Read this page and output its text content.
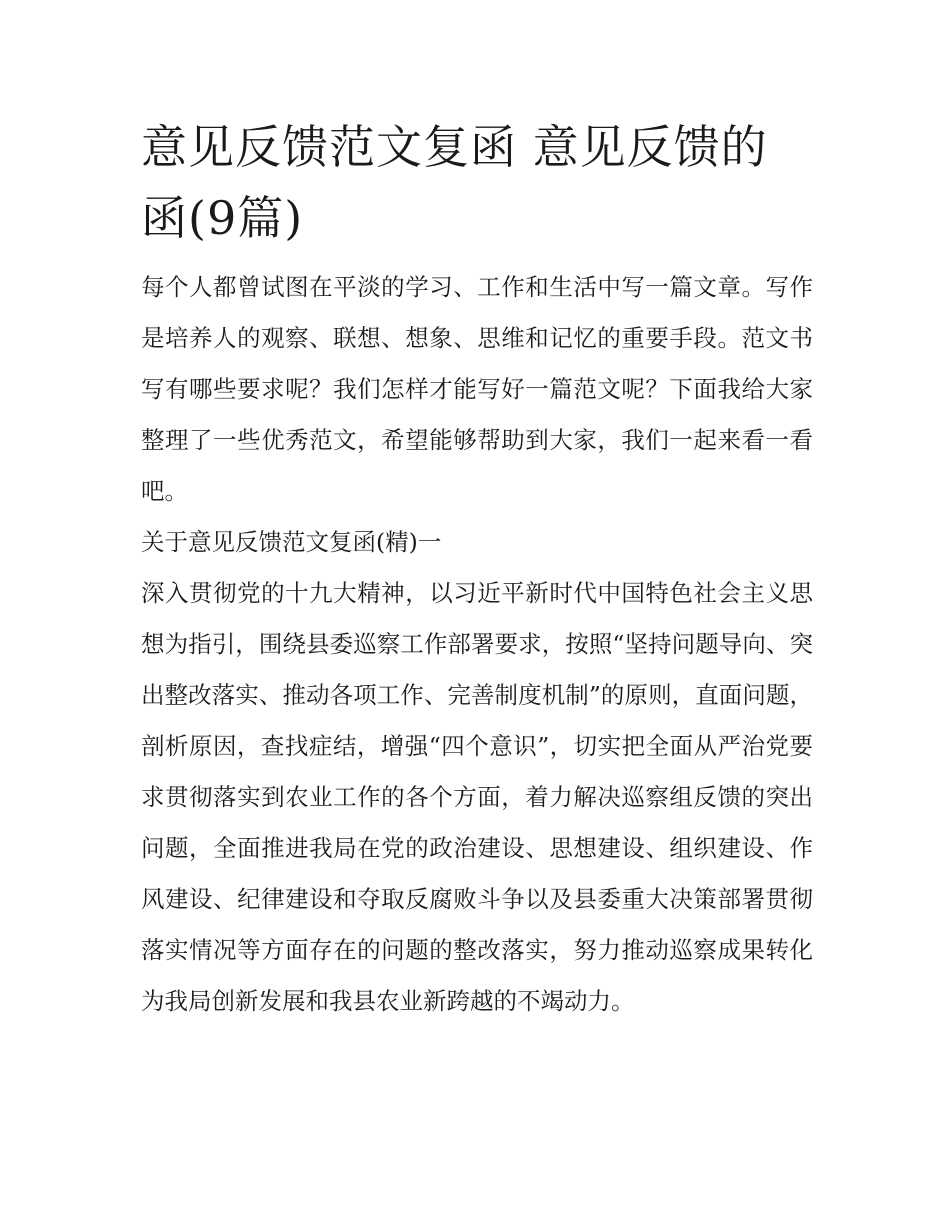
意见反馈范文复函 意见反馈的函(9篇)

每个人都曾试图在平淡的学习、工作和生活中写一篇文章。写作是培养人的观察、联想、想象、思维和记忆的重要手段。范文书写有哪些要求呢？我们怎样才能写好一篇范文呢？下面我给大家整理了一些优秀范文，希望能够帮助到大家，我们一起来看一看吧。

关于意见反馈范文复函(精)一

深入贯彻党的十九大精神，以习近平新时代中国特色社会主义思想为指引，围绕县委巡察工作部署要求，按照“坚持问题导向、突出整改落实、推动各项工作、完善制度机制”的原则，直面问题，剖析原因，查找症结，增强“四个意识”，切实把全面从严治党要求贯彻落实到农业工作的各个方面，着力解决巡察组反馈的突出问题，全面推进我局在党的政治建设、思想建设、组织建设、作风建设、纪律建设和夺取反腐败斗争以及县委重大决策部署贯彻落实情况等方面存在的问题的整改落实，努力推动巡察成果转化为我局创新发展和我县农业新跨越的不竭动力。
